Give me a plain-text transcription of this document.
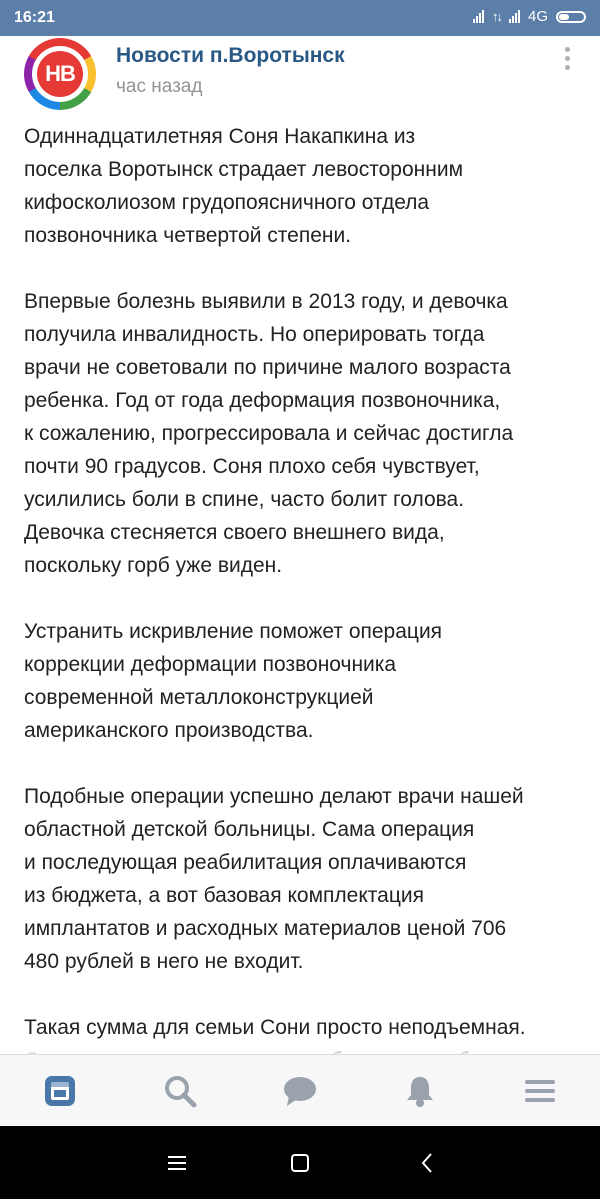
16:21	↑↓ 4G
НВ
Новости п.Воротынск
час назад

Одиннадцатилетняя Соня Накапкина из
поселка Воротынск страдает левосторонним
кифосколиозом грудопоясничного отдела
позвоночника четвертой степени.

Впервые болезнь выявили в 2013 году, и девочка
получила инвалидность. Но оперировать тогда
врачи не советовали по причине малого возраста
ребенка. Год от года деформация позвоночника,
к сожалению, прогрессировала и сейчас достигла
почти 90 градусов. Соня плохо себя чувствует,
усилились боли в спине, часто болит голова.
Девочка стесняется своего внешнего вида,
поскольку горб уже виден.

Устранить искривление поможет операция
коррекции деформации позвоночника
современной металлоконструкцией
американского производства.

Подобные операции успешно делают врачи нашей
областной детской больницы. Сама операция
и последующая реабилитация оплачиваются
из бюджета, а вот базовая комплектация
имплантатов и расходных материалов ценой 706
480 рублей в него не входит.

Такая сумма для семьи Сони просто неподъемная.
